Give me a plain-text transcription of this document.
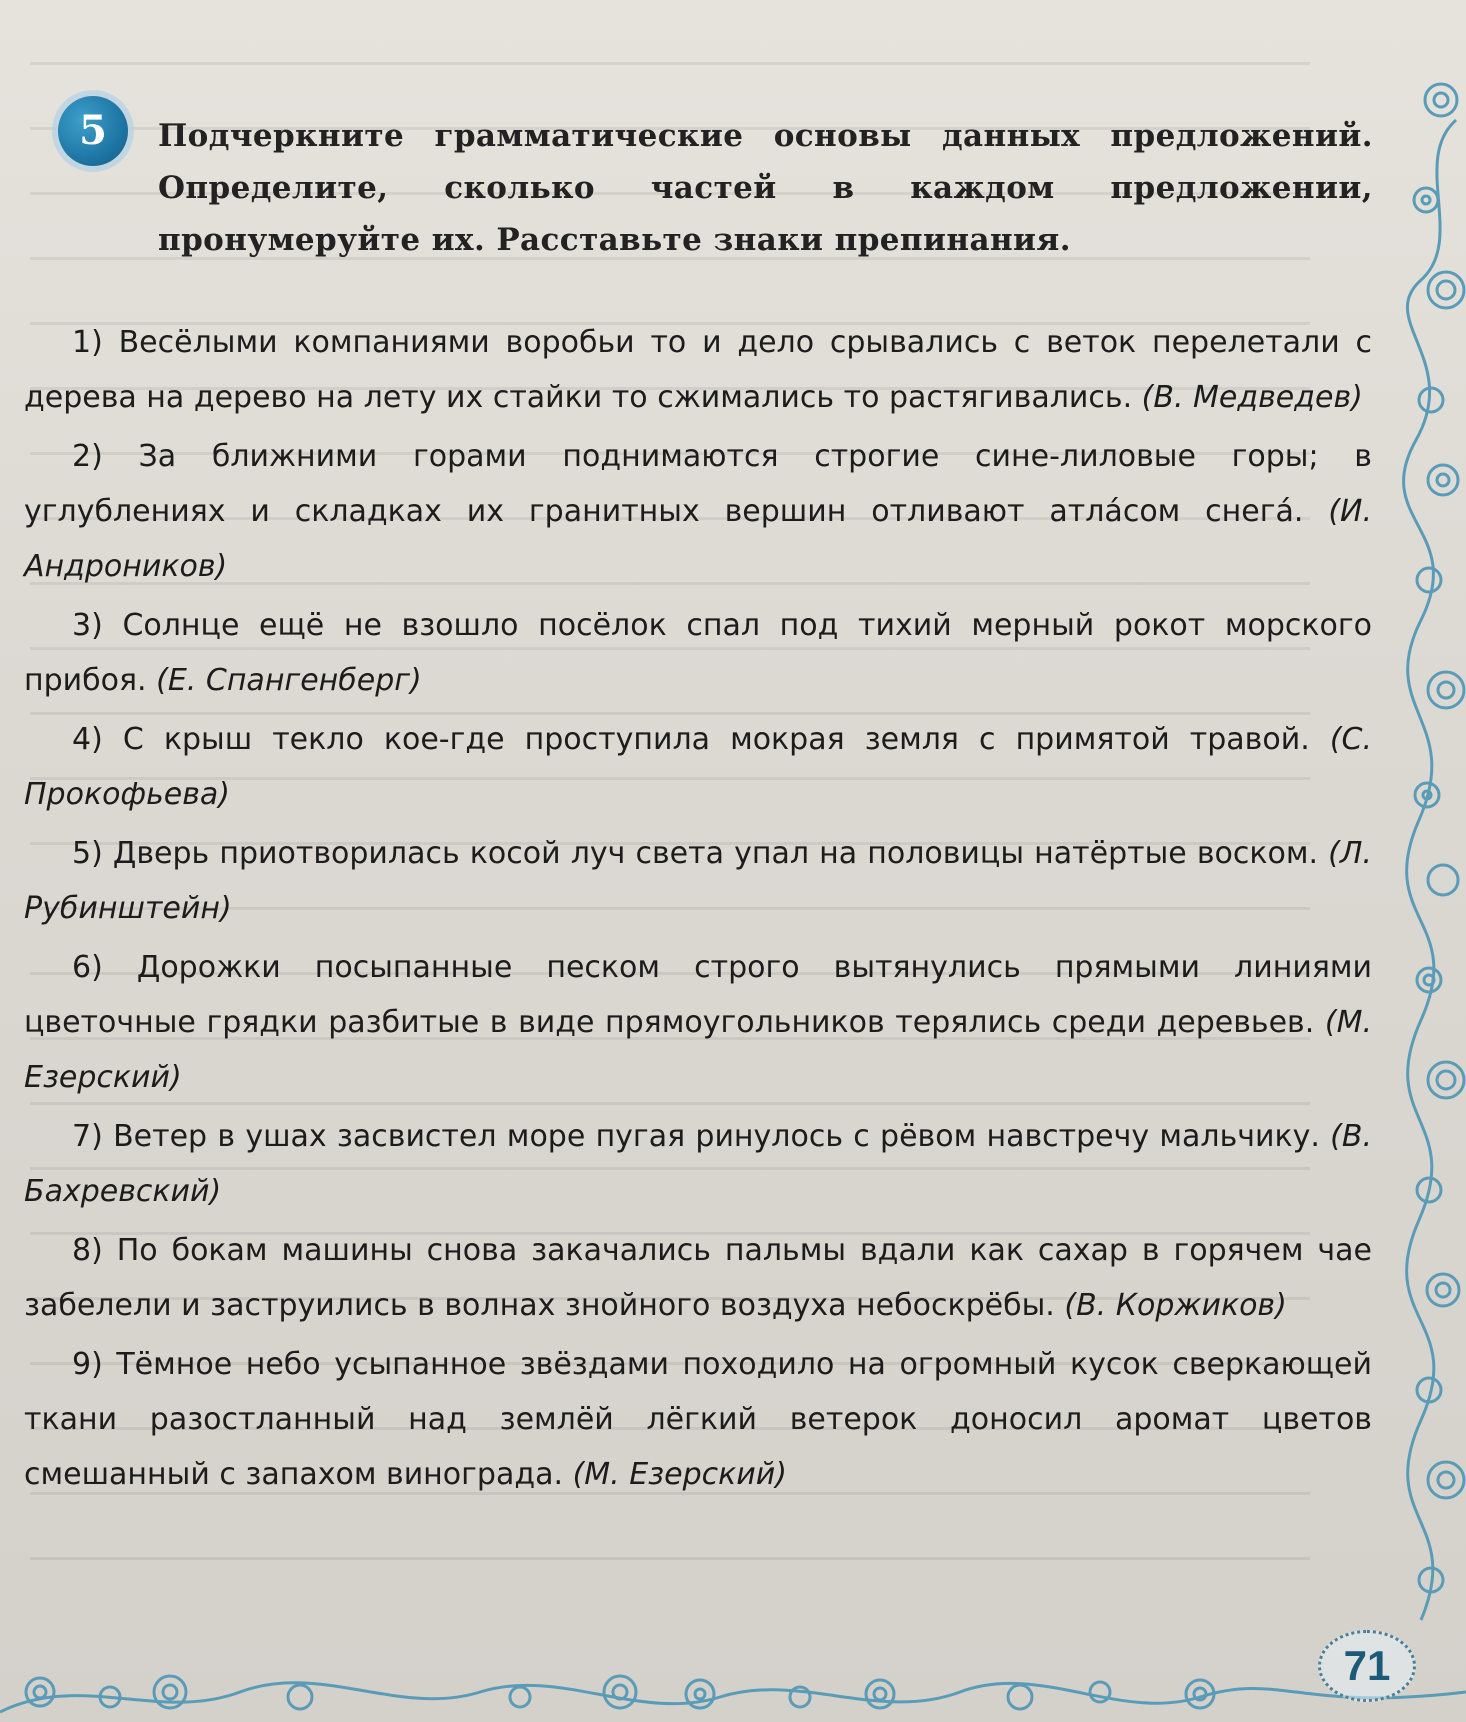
5	Подчеркните грамматические основы данных предложений. Определите, сколько частей в каждом предложении, пронумеруйте их. Расставьте знаки препинания.

1) Весёлыми компаниями воробьи то и дело срывались с веток перелетали с дерева на дерево на лету их стайки то сжимались то растягивались. (В. Медведев)

2) За ближними горами поднимаются строгие сине-лиловые горы; в углублениях и складках их гранитных вершин отливают атла́сом снега́. (И. Андроников)

3) Солнце ещё не взошло посёлок спал под тихий мерный рокот морского прибоя. (Е. Спангенберг)

4) С крыш текло кое-где проступила мокрая земля с примятой травой. (С. Прокофьева)

5) Дверь приотворилась косой луч света упал на половицы натёртые воском. (Л. Рубинштейн)

6) Дорожки посыпанные песком строго вытянулись прямыми линиями цветочные грядки разбитые в виде прямоугольников терялись среди деревьев. (М. Езерский)

7) Ветер в ушах засвистел море пугая ринулось с рёвом навстречу мальчику. (В. Бахревский)

8) По бокам машины снова закачались пальмы вдали как сахар в горячем чае забелели и заструились в волнах знойного воздуха небоскрёбы. (В. Коржиков)

9) Тёмное небо усыпанное звёздами походило на огромный кусок сверкающей ткани разостланный над землёй лёгкий ветерок доносил аромат цветов смешанный с запахом винограда. (М. Езерский)

71
